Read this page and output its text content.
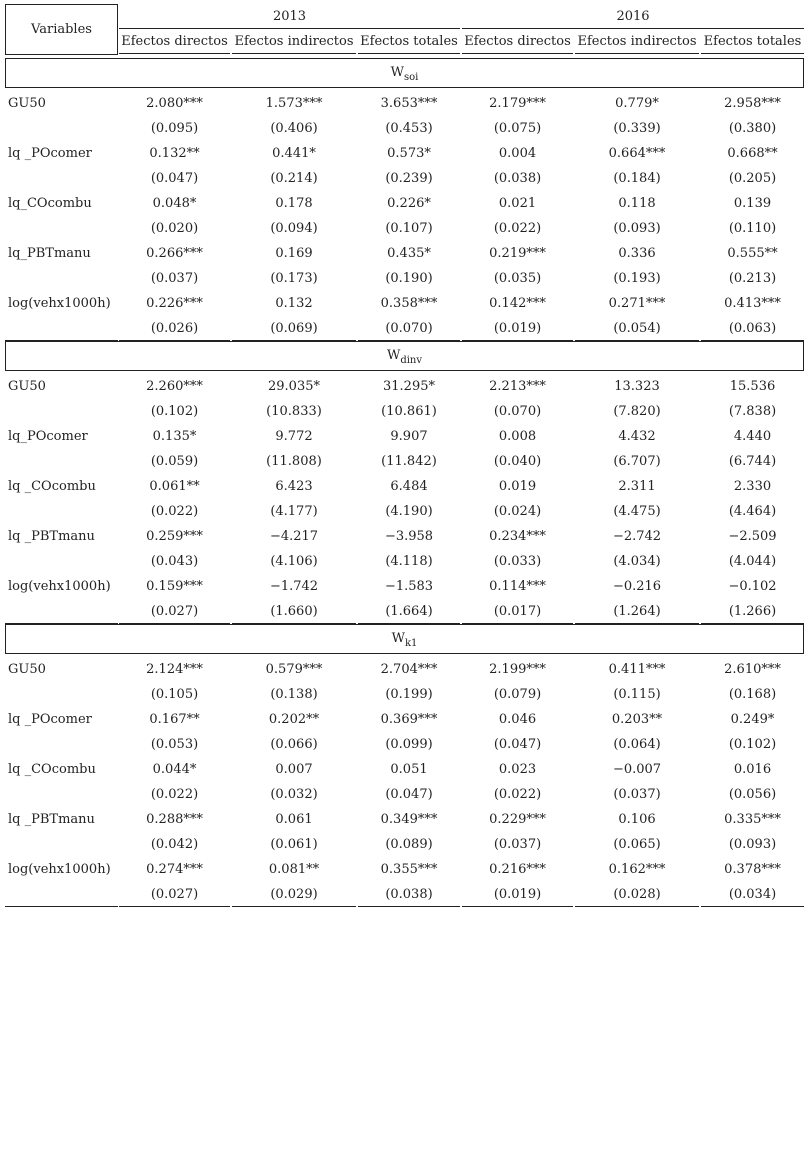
Variables
2013	2016
Efectos directos Efectos indirectos Efectos totales Efectos directos Efectos indirectos Efectos totales
$W_{soi}$
GU50	2.080***	1.573***	3.653***	2.179***	0.779*	2.958***
(0.095)	(0.406)	(0.453)	(0.075)	(0.339)	(0.380)
lq _POcomer	0.132**	0.441*	0.573*	0.004	0.664***	0.668**
(0.047)	(0.214)	(0.239)	(0.038)	(0.184)	(0.205)
lq_COcombu	0.048*	0.178	0.226*	0.021	0.118	0.139
(0.020)	(0.094)	(0.107)	(0.022)	(0.093)	(0.110)
lq_PBTmanu	0.266***	0.169	0.435*	0.219***	0.336	0.555**
(0.037)	(0.173)	(0.190)	(0.035)	(0.193)	(0.213)
log(vehx1000h)	0.226***	0.132	0.358***	0.142***	0.271***	0.413***
(0.026)	(0.069)	(0.070)	(0.019)	(0.054)	(0.063)
$W_{dinv}$
GU50	2.260***	29.035*	31.295*	2.213***	13.323	15.536
(0.102)	(10.833)	(10.861)	(0.070)	(7.820)	(7.838)
lq_POcomer	0.135*	9.772	9.907	0.008	4.432	4.440
(0.059)	(11.808)	(11.842)	(0.040)	(6.707)	(6.744)
lq _COcombu	0.061**	6.423	6.484	0.019	2.311	2.330
(0.022)	(4.177)	(4.190)	(0.024)	(4.475)	(4.464)
lq _PBTmanu	0.259***	−4.217	−3.958	0.234***	−2.742	−2.509
(0.043)	(4.106)	(4.118)	(0.033)	(4.034)	(4.044)
log(vehx1000h)	0.159***	−1.742	−1.583	0.114***	−0.216	−0.102
(0.027)	(1.660)	(1.664)	(0.017)	(1.264)	(1.266)
$W_{k1}$
GU50	2.124***	0.579***	2.704***	2.199***	0.411***	2.610***
(0.105)	(0.138)	(0.199)	(0.079)	(0.115)	(0.168)
lq _POcomer	0.167**	0.202**	0.369***	0.046	0.203**	0.249*
(0.053)	(0.066)	(0.099)	(0.047)	(0.064)	(0.102)
lq _COcombu	0.044*	0.007	0.051	0.023	−0.007	0.016
(0.022)	(0.032)	(0.047)	(0.022)	(0.037)	(0.056)
lq _PBTmanu	0.288***	0.061	0.349***	0.229***	0.106	0.335***
(0.042)	(0.061)	(0.089)	(0.037)	(0.065)	(0.093)
log(vehx1000h)	0.274***	0.081**	0.355***	0.216***	0.162***	0.378***
(0.027)	(0.029)	(0.038)	(0.019)	(0.028)	(0.034)
